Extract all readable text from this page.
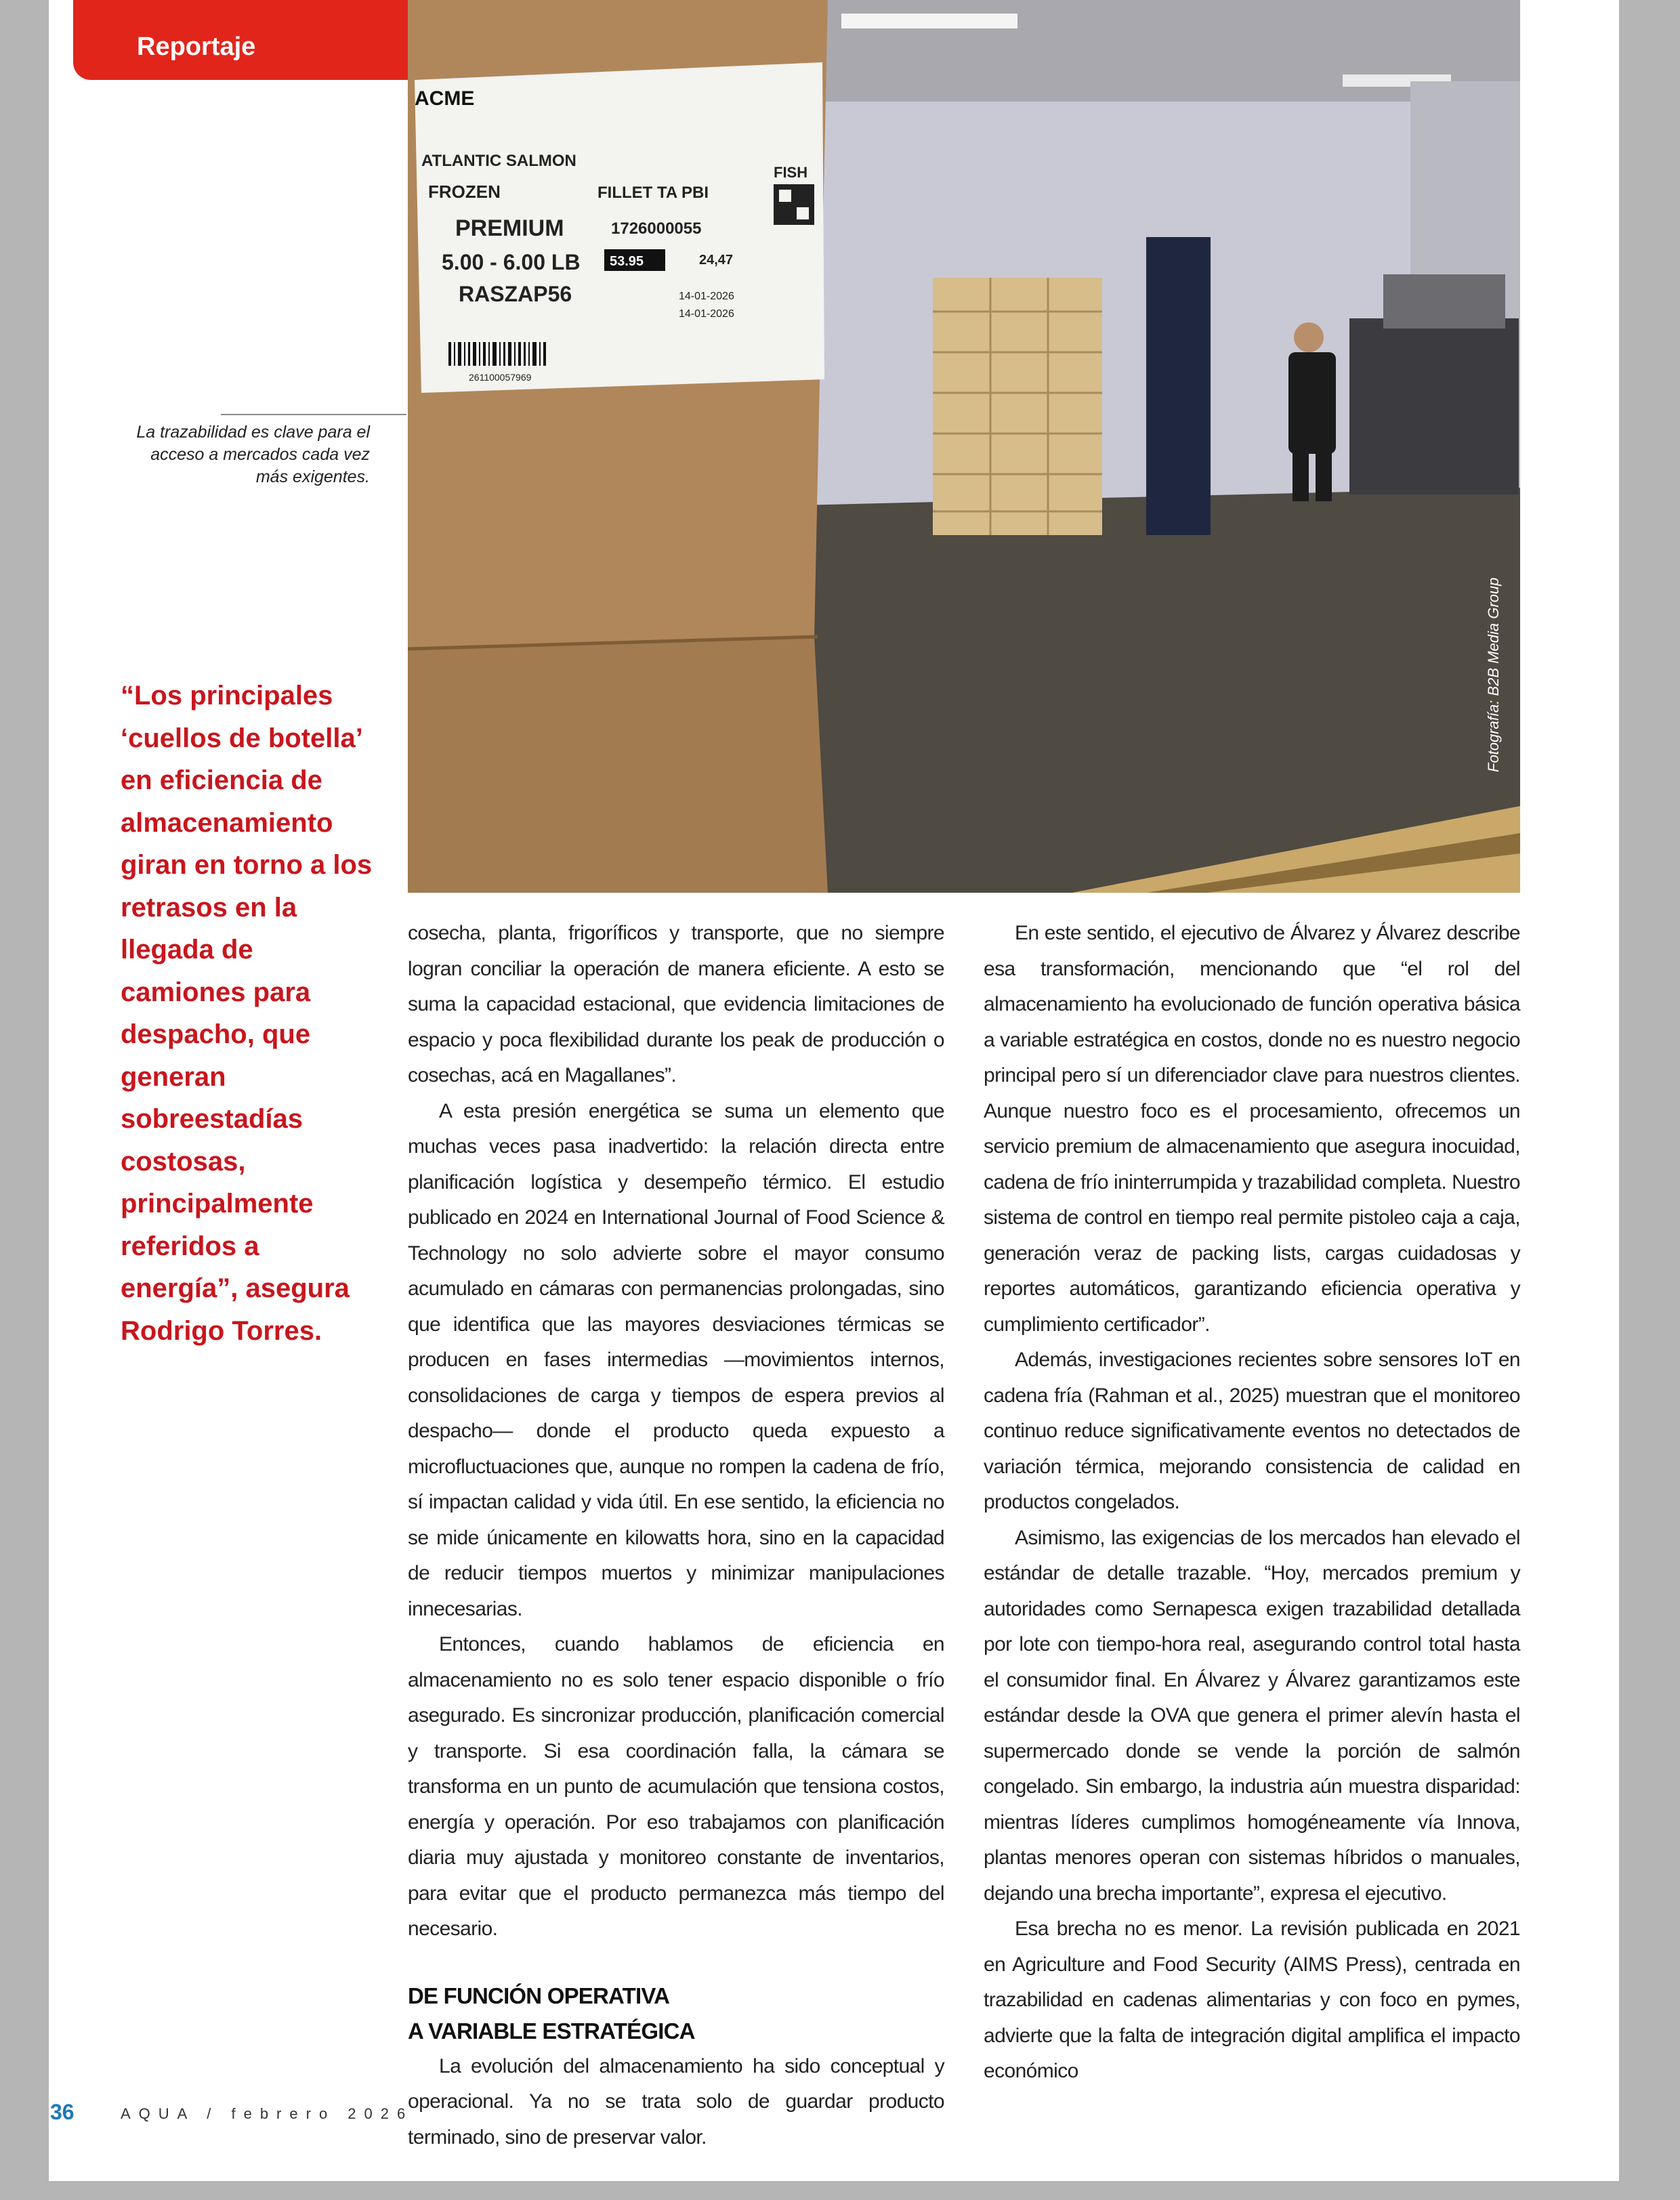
Reportaje
ACME
ATLANTIC SALMON
FROZEN	FILLET TA PBI
PREMIUM	1726000055
5.00 - 6.00 LB 53.95	24,47
RASZAP56	14-01-2026
14-01-2026
FISH
261100057969
Fotografía: B2B Media Group
La trazabilidad es clave para el acceso a mercados cada vez más exigentes.
“Los principales ‘cuellos de botella’ en eficiencia de almacenamiento giran en torno a los retrasos en la llegada de camiones para despacho, que generan sobreestadías costosas, principalmente referidos a energía”, asegura Rodrigo Torres.

cosecha, planta, frigoríficos y transporte, que no siempre logran conciliar la operación de manera eficiente. A esto se suma la capacidad estacional, que evidencia limitaciones de espacio y poca flexibilidad durante los peak de producción o cosechas, acá en Magallanes”.

A esta presión energética se suma un elemento que muchas veces pasa inadvertido: la relación directa entre planificación logística y desempeño térmico. El estudio publicado en 2024 en International Journal of Food Science & Technology no solo advierte sobre el mayor consumo acumulado en cámaras con permanencias prolongadas, sino que identifica que las mayores desviaciones térmicas se producen en fases intermedias —movimientos internos, consolidaciones de carga y tiempos de espera previos al despacho— donde el producto queda expuesto a microfluctuaciones que, aunque no rompen la cadena de frío, sí impactan calidad y vida útil. En ese sentido, la eficiencia no se mide únicamente en kilowatts hora, sino en la capacidad de reducir tiempos muertos y minimizar manipulaciones innecesarias.

Entonces, cuando hablamos de eficiencia en almacenamiento no es solo tener espacio disponible o frío asegurado. Es sincronizar producción, planificación comercial y transporte. Si esa coordinación falla, la cámara se transforma en un punto de acumulación que tensiona costos, energía y operación. Por eso trabajamos con planificación diaria muy ajustada y monitoreo constante de inventarios, para evitar que el producto permanezca más tiempo del necesario.

DE FUNCIÓN OPERATIVA
A VARIABLE ESTRATÉGICA

La evolución del almacenamiento ha sido conceptual y operacional. Ya no se trata solo de guardar producto terminado, sino de preservar valor.

En este sentido, el ejecutivo de Álvarez y Álvarez describe esa transformación, mencionando que “el rol del almacenamiento ha evolucionado de función operativa básica a variable estratégica en costos, donde no es nuestro negocio principal pero sí un diferenciador clave para nuestros clientes. Aunque nuestro foco es el procesamiento, ofrecemos un servicio premium de almacenamiento que asegura inocuidad, cadena de frío ininterrumpida y trazabilidad completa. Nuestro sistema de control en tiempo real permite pistoleo caja a caja, generación veraz de packing lists, cargas cuidadosas y reportes automáticos, garantizando eficiencia operativa y cumplimiento certificador”.

Además, investigaciones recientes sobre sensores IoT en cadena fría (Rahman et al., 2025) muestran que el monitoreo continuo reduce significativamente eventos no detectados de variación térmica, mejorando consistencia de calidad en productos congelados.

Asimismo, las exigencias de los mercados han elevado el estándar de detalle trazable. “Hoy, mercados premium y autoridades como Sernapesca exigen trazabilidad detallada por lote con tiempo-hora real, asegurando control total hasta el consumidor final. En Álvarez y Álvarez garantizamos este estándar desde la OVA que genera el primer alevín hasta el supermercado donde se vende la porción de salmón congelado. Sin embargo, la industria aún muestra disparidad: mientras líderes cumplimos homogéneamente vía Innova, plantas menores operan con sistemas híbridos o manuales, dejando una brecha importante”, expresa el ejecutivo.

Esa brecha no es menor. La revisión publicada en 2021 en Agriculture and Food Security (AIMS Press), centrada en trazabilidad en cadenas alimentarias y con foco en pymes, advierte que la falta de integración digital amplifica el impacto económico

36	AQUA / febrero 2026
